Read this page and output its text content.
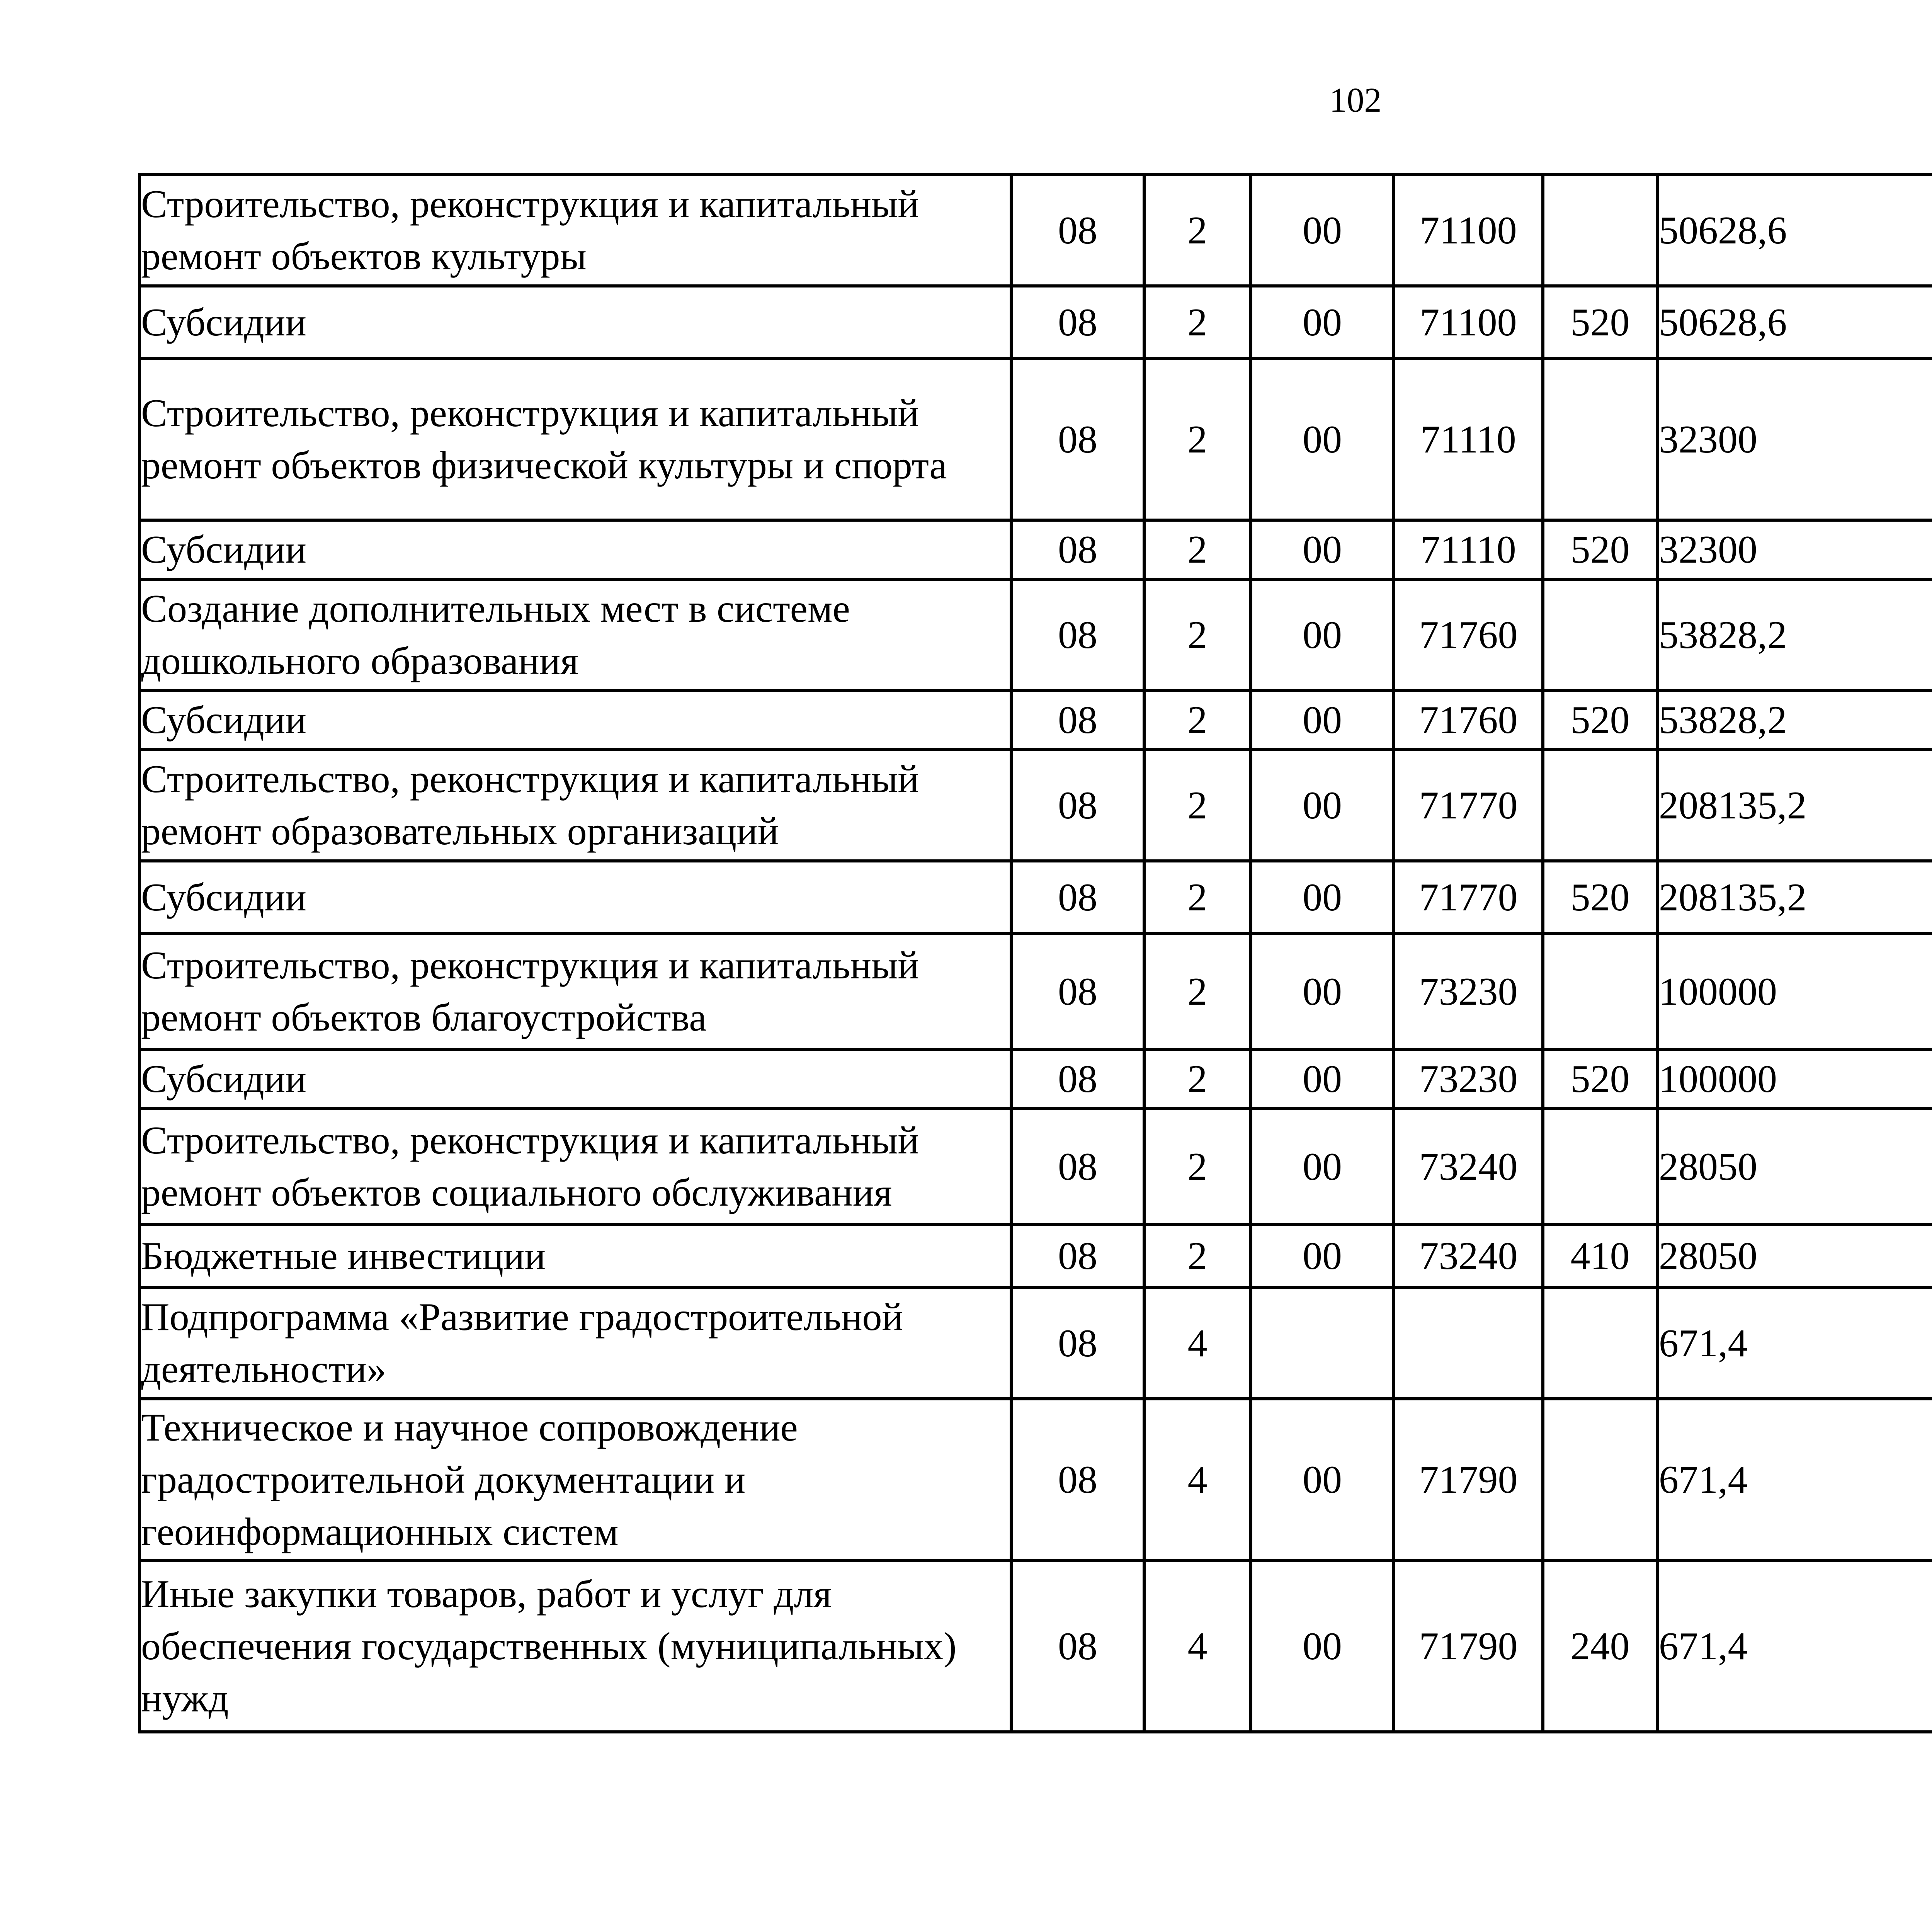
102
Строительство, реконструкция и капитальный ремонт объектов культуры	08	2	00	71100		50628,6		
Субсидии	08	2	00	71100	520	50628,6		
Строительство, реконструкция и капитальный ремонт объектов физической культуры и спорта	08	2	00	71110		32300		
Субсидии	08	2	00	71110	520	32300		
Создание дополнительных мест в системе дошкольного образования	08	2	00	71760		53828,2		
Субсидии	08	2	00	71760	520	53828,2		
Строительство, реконструкция и капитальный ремонт образовательных организаций	08	2	00	71770		208135,2		
Субсидии	08	2	00	71770	520	208135,2		
Строительство, реконструкция и капитальный ремонт объектов благоустройства	08	2	00	73230		100000		
Субсидии	08	2	00	73230	520	100000		
Строительство, реконструкция и капитальный ремонт объектов социального обслуживания	08	2	00	73240		28050		
Бюджетные инвестиции	08	2	00	73240	410	28050		
Подпрограмма «Развитие градостроительной деятельности»	08	4				671,4		
Техническое и научное сопровождение градостроительной документации и геоинформационных систем	08	4	00	71790		671,4		
Иные закупки товаров, работ и услуг для обеспечения государственных (муниципальных) нужд	08	4	00	71790	240	671,4		
